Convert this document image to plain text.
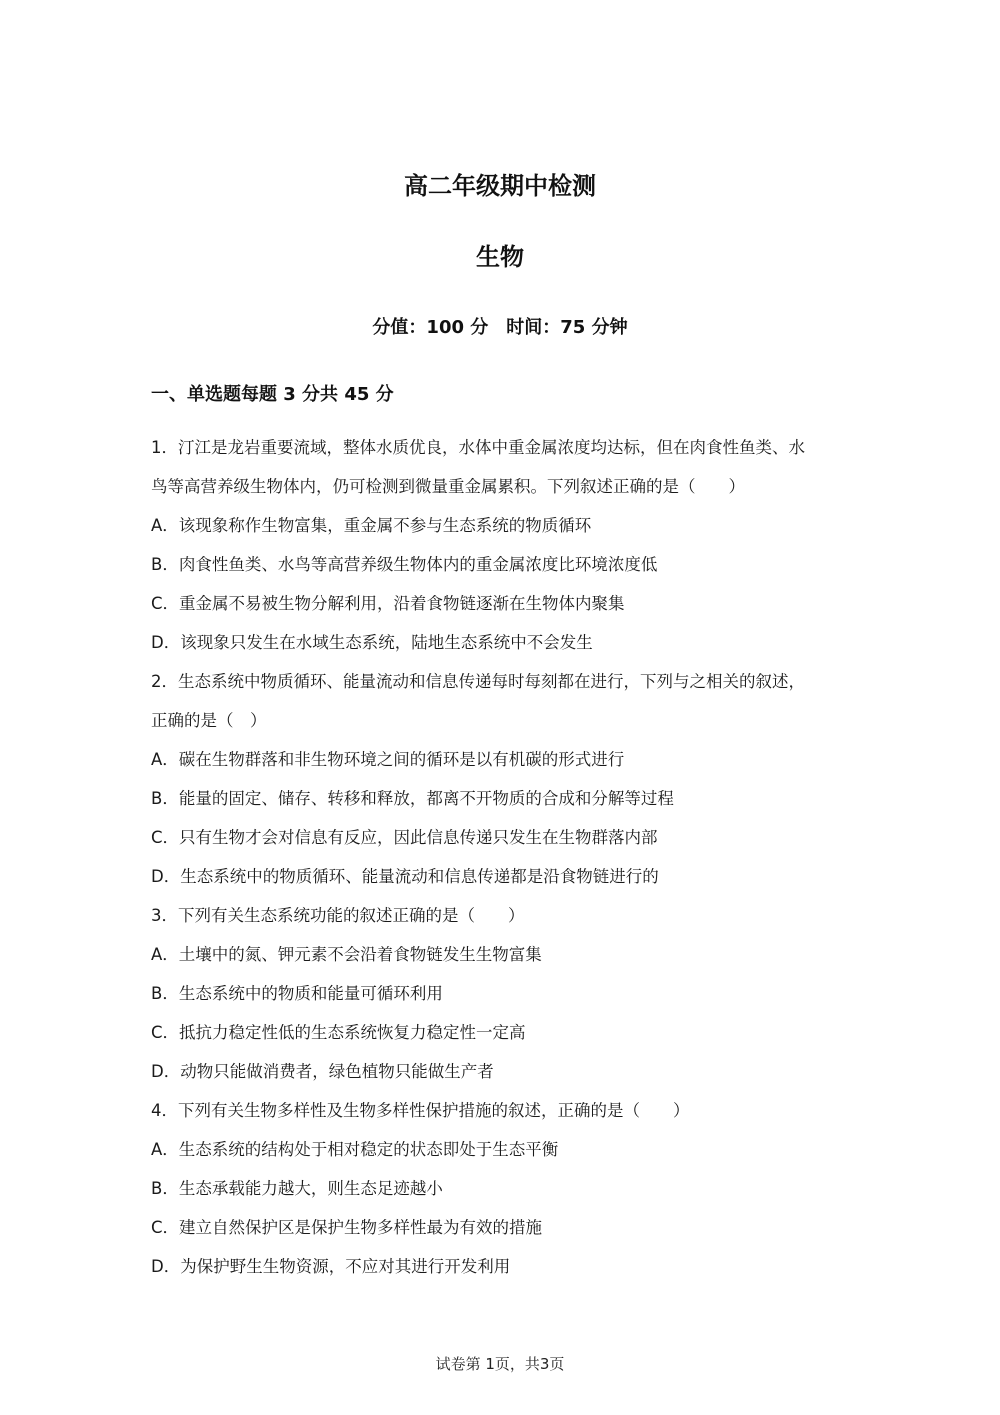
高二年级期中检测
生物
分值：100 分　时间：75 分钟
一、单选题每题 3 分共 45 分
1．汀江是龙岩重要流域，整体水质优良，水体中重金属浓度均达标，但在肉食性鱼类、水
鸟等高营养级生物体内，仍可检测到微量重金属累积。下列叙述正确的是（　　）
A．该现象称作生物富集，重金属不参与生态系统的物质循环
B．肉食性鱼类、水鸟等高营养级生物体内的重金属浓度比环境浓度低
C．重金属不易被生物分解利用，沿着食物链逐渐在生物体内聚集
D．该现象只发生在水域生态系统，陆地生态系统中不会发生
2．生态系统中物质循环、能量流动和信息传递每时每刻都在进行，下列与之相关的叙述，
正确的是（　）
A．碳在生物群落和非生物环境之间的循环是以有机碳的形式进行
B．能量的固定、储存、转移和释放，都离不开物质的合成和分解等过程
C．只有生物才会对信息有反应，因此信息传递只发生在生物群落内部
D．生态系统中的物质循环、能量流动和信息传递都是沿食物链进行的
3．下列有关生态系统功能的叙述正确的是（　　）
A．土壤中的氮、钾元素不会沿着食物链发生生物富集
B．生态系统中的物质和能量可循环利用
C．抵抗力稳定性低的生态系统恢复力稳定性一定高
D．动物只能做消费者，绿色植物只能做生产者
4．下列有关生物多样性及生物多样性保护措施的叙述，正确的是（　　）
A．生态系统的结构处于相对稳定的状态即处于生态平衡
B．生态承载能力越大，则生态足迹越小
C．建立自然保护区是保护生物多样性最为有效的措施
D．为保护野生生物资源，不应对其进行开发利用
试卷第 1页，共3页
